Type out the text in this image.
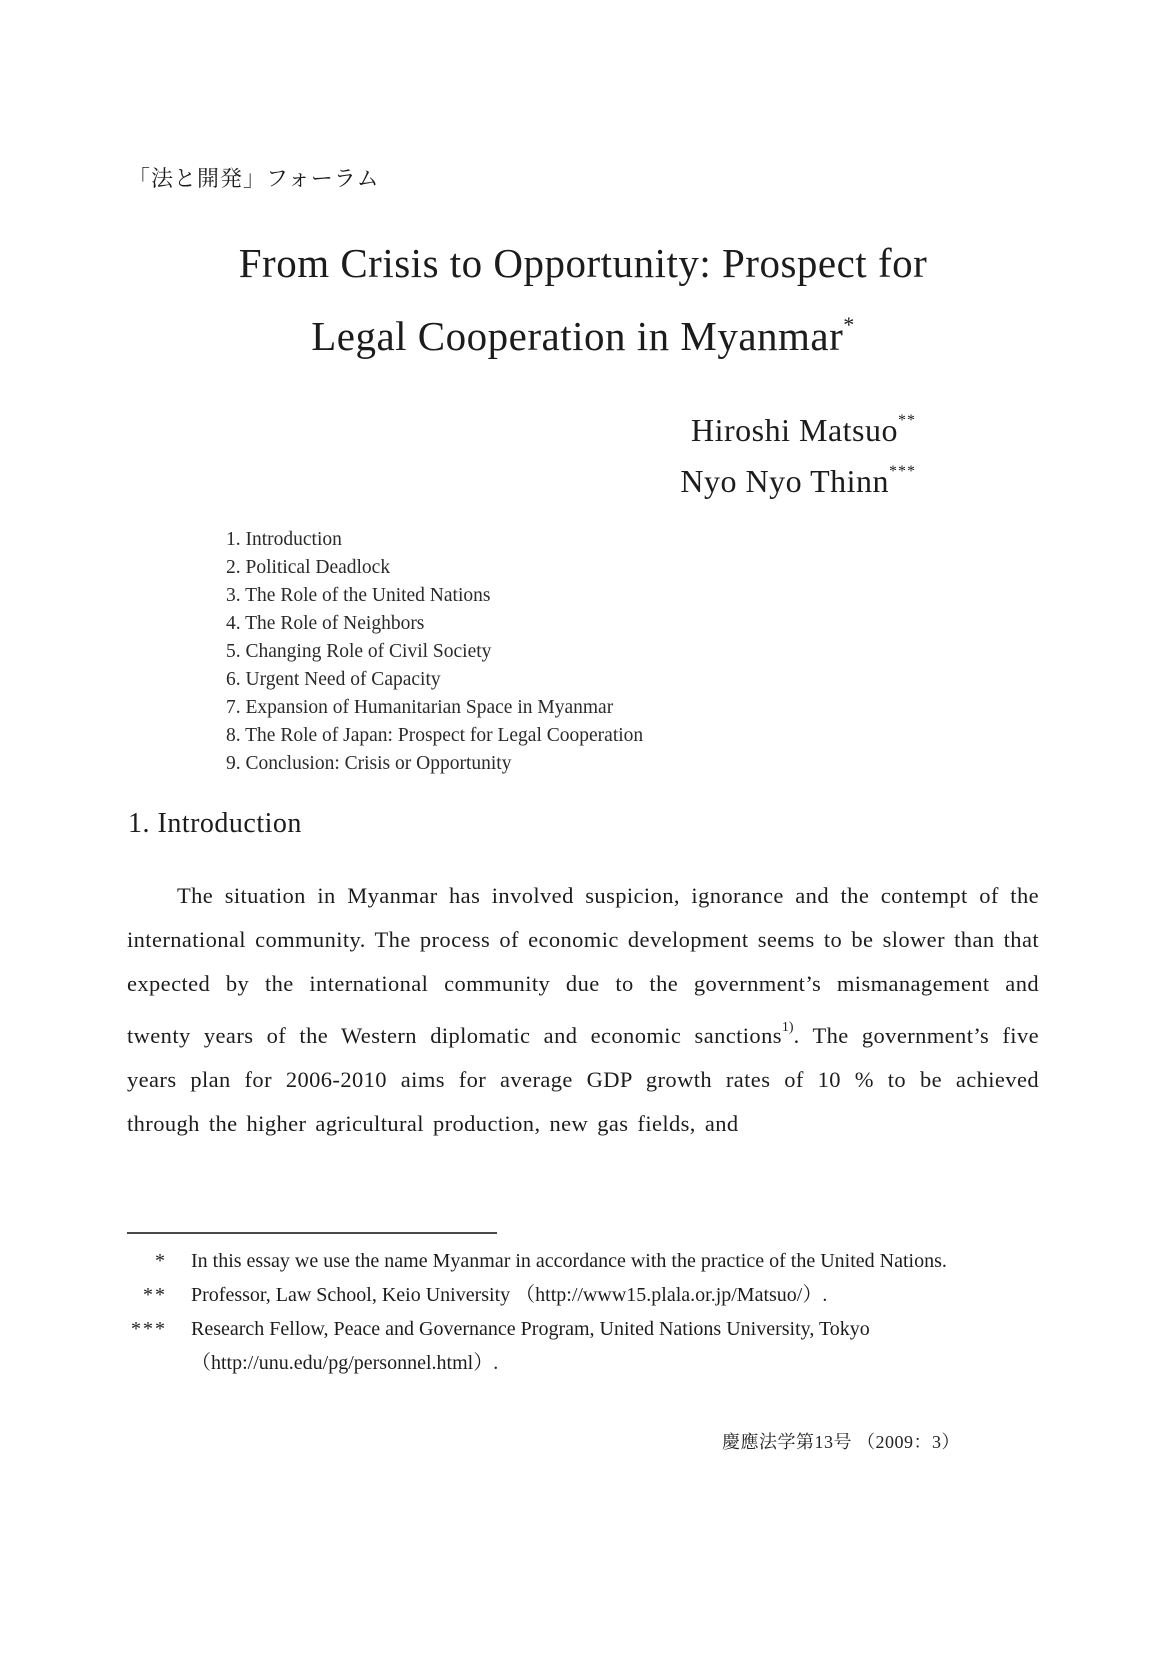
「法と開発」フォーラム
From Crisis to Opportunity: Prospect for
Legal Cooperation in Myanmar*
Hiroshi Matsuo**
Nyo Nyo Thinn***
1. Introduction
2. Political Deadlock
3. The Role of the United Nations
4. The Role of Neighbors
5. Changing Role of Civil Society
6. Urgent Need of Capacity
7. Expansion of Humanitarian Space in Myanmar
8. The Role of Japan: Prospect for Legal Cooperation
9. Conclusion: Crisis or Opportunity
1. Introduction
The situation in Myanmar has involved suspicion, ignorance and the contempt of the international community. The process of economic development seems to be slower than that expected by the international community due to the government’s mismanagement and twenty years of the Western diplomatic and economic sanctions$^{1)}$. The government’s five years plan for 2006-2010 aims for average GDP growth rates of 10 % to be achieved through the higher agricultural production, new gas fields, and
*	In this essay we use the name Myanmar in accordance with the practice of the United Nations.
**	Professor, Law School, Keio University （http://www15.plala.or.jp/Matsuo/）.
***	Research Fellow, Peace and Governance Program, United Nations University, Tokyo （http://unu.edu/pg/personnel.html）.
慶應法学第13号 （2009：3）
